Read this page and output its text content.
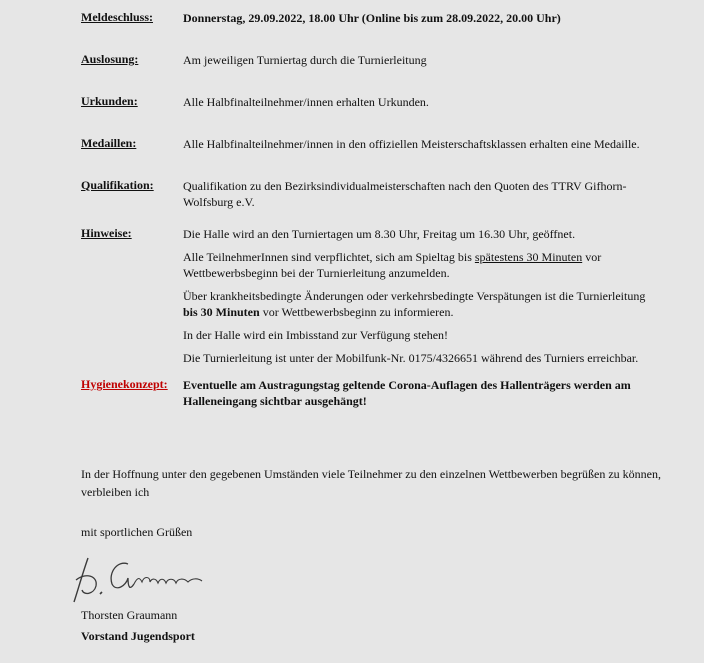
Meldeschluss:	Donnerstag, 29.09.2022, 18.00 Uhr (Online bis zum 28.09.2022, 20.00 Uhr)
Auslosung:	Am jeweiligen Turniertag durch die Turnierleitung
Urkunden:	Alle Halbfinalteilnehmer/innen erhalten Urkunden.
Medaillen:	Alle Halbfinalteilnehmer/innen in den offiziellen Meisterschaftsklassen erhalten eine Medaille.
Qualifikation: Qualifikation zu den Bezirksindividualmeisterschaften nach den Quoten des TTRV Gifhorn-Wolfsburg e.V.
Hinweise:	Die Halle wird an den Turniertagen um 8.30 Uhr, Freitag um 16.30 Uhr, geöffnet.

Alle TeilnehmerInnen sind verpflichtet, sich am Spieltag bis spätestens 30 Minuten vor Wettbewerbsbeginn bei der Turnierleitung anzumelden.

Über krankheitsbedingte Änderungen oder verkehrsbedingte Verspätungen ist die Turnierleitung bis 30 Minuten vor Wettbewerbsbeginn zu informieren.

In der Halle wird ein Imbisstand zur Verfügung stehen!

Die Turnierleitung ist unter der Mobilfunk-Nr. 0175/4326651 während des Turniers erreichbar.

Hygienekonzept: Eventuelle am Austragungstag geltende Corona-Auflagen des Hallenträgers werden am Halleneingang sichtbar ausgehängt!
In der Hoffnung unter den gegebenen Umständen viele Teilnehmer zu den einzelnen Wettbewerben begrüßen zu können, verbleiben ich
mit sportlichen Grüßen
Thorsten Graumann
Vorstand Jugendsport
